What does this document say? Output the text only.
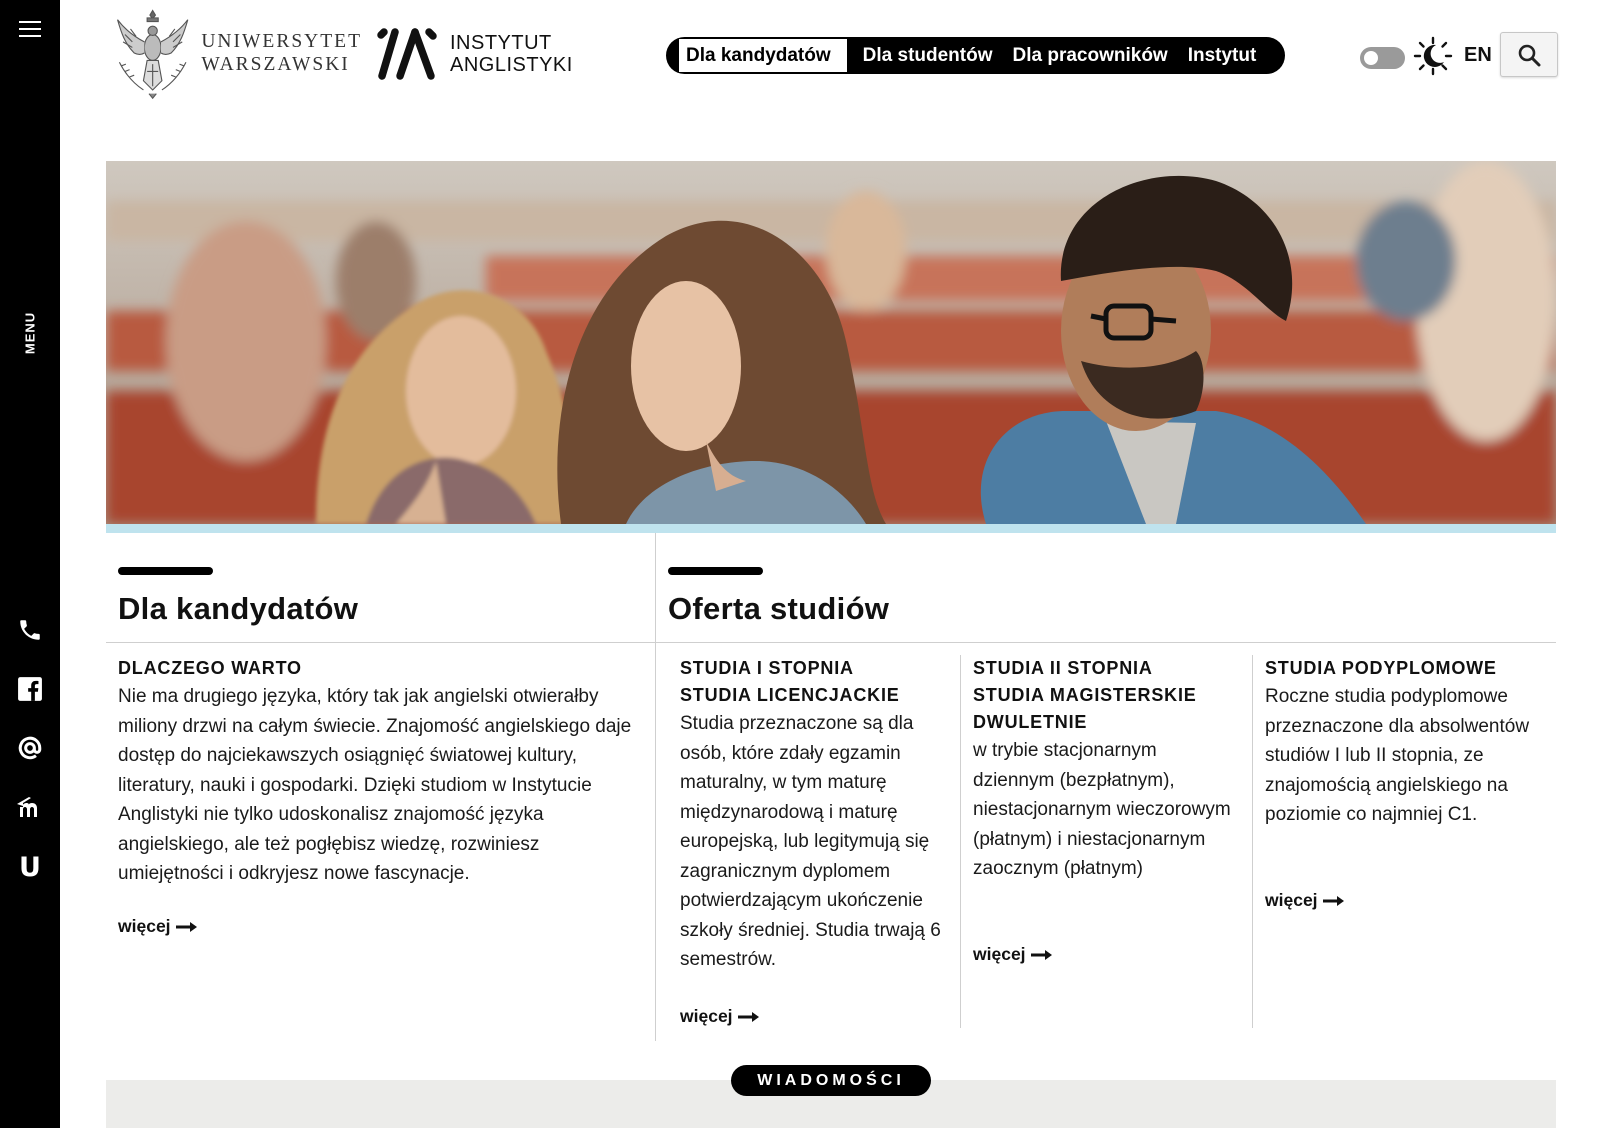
MENU
U
UNIWERSYTET
WARSZAWSKI
INSTYTUT
ANGLISTYKI	Dla kandydatów	Dla studentów	Dla pracowników	Instytut	EN
Dla kandydatów
DLACZEGO WARTO

Nie ma drugiego języka, który tak jak angielski otwierałby miliony drzwi na całym świecie. Znajomość angielskiego daje dostęp do najciekawszych osiągnięć światowej kultury, literatury, nauki i gospodarki. Dzięki studiom w Instytucie Anglistyki nie tylko udoskonalisz znajomość języka angielskiego, ale też pogłębisz wiedzę, rozwiniesz umiejętności i odkryjesz nowe fascynacje.

więcej
Oferta studiów
STUDIA I STOPNIA
STUDIA LICENCJACKIE

Studia przeznaczone są dla osób, które zdały egzamin maturalny, w tym maturę międzynarodową i maturę europejską, lub legitymują się zagranicznym dyplomem potwierdzającym ukończenie szkoły średniej. Studia trwają 6 semestrów.

więcej
STUDIA II STOPNIA
STUDIA MAGISTERSKIE
DWULETNIE

w trybie stacjonarnym dziennym (bezpłatnym), niestacjonarnym wieczorowym (płatnym) i niestacjonarnym zaocznym (płatnym)

więcej
STUDIA PODYPLOMOWE

Roczne studia podyplomowe przeznaczone dla absolwentów studiów I lub II stopnia, ze znajomością angielskiego na poziomie co najmniej C1.

więcej
WIADOMOŚCI
